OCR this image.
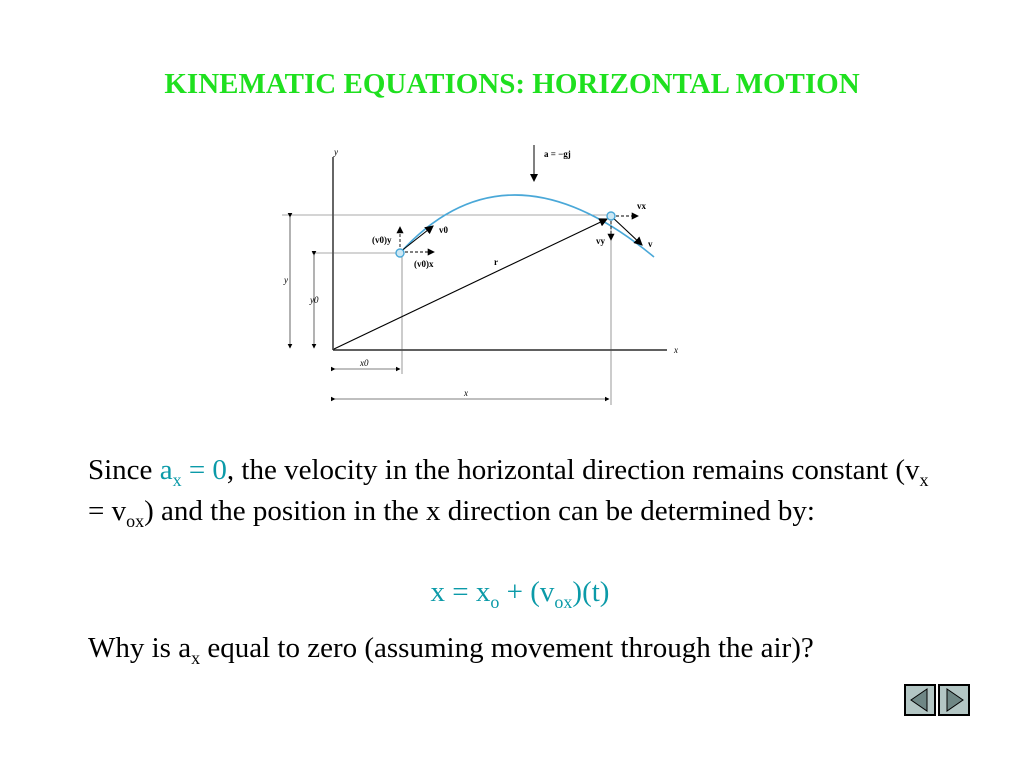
KINEMATIC EQUATIONS: HORIZONTAL MOTION
y
x
y
y0
x0
x
a = −gj
r
(v0)y
(v0)x
v0
vx
vy	v
Since $a_x = 0$, the velocity in the horizontal direction remains constant $(v_x = v_{ox})$ and the position in the x direction can be determined by:
$x = x_o + (v_{ox})(t)$
Why is $a_x$ equal to zero (assuming movement through the air)?
